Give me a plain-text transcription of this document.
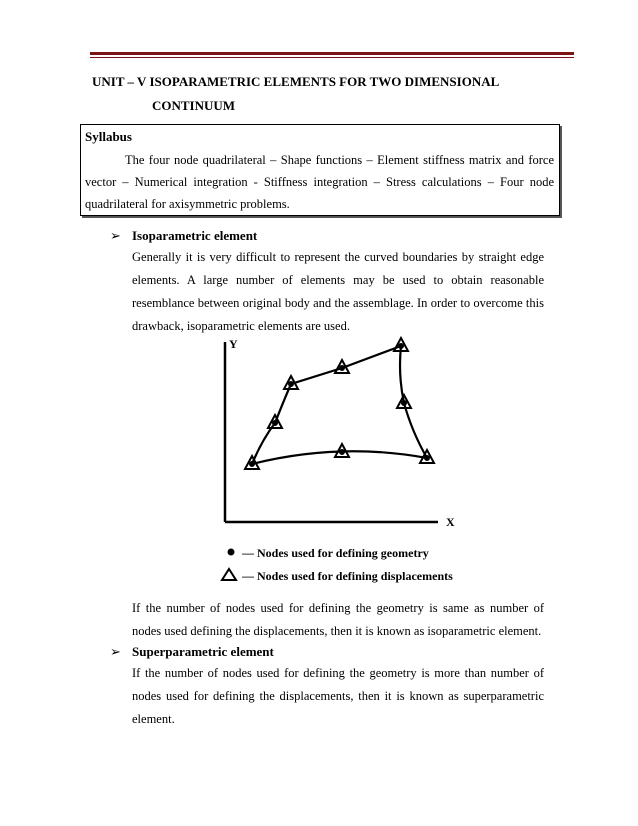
UNIT – V ISOPARAMETRIC ELEMENTS FOR TWO DIMENSIONAL
CONTINUUM
Syllabus
The four node quadrilateral – Shape functions – Element stiffness matrix and force vector – Numerical integration - Stiffness integration – Stress calculations – Four node quadrilateral for axisymmetric problems.
➢ Isoparametric element
Generally it is very difficult to represent the curved boundaries by straight edge elements. A large number of elements may be used to obtain reasonable resemblance between original body and the assemblage. In order to overcome this drawback, isoparametric elements are used.
Y
X
— Nodes used for defining geometry
— Nodes used for defining displacements
If the number of nodes used for defining the geometry is same as number of nodes used defining the displacements, then it is known as isoparametric element.
➢ Superparametric element
If the number of nodes used for defining the geometry is more than number of nodes used for defining the displacements, then it is known as superparametric element.
